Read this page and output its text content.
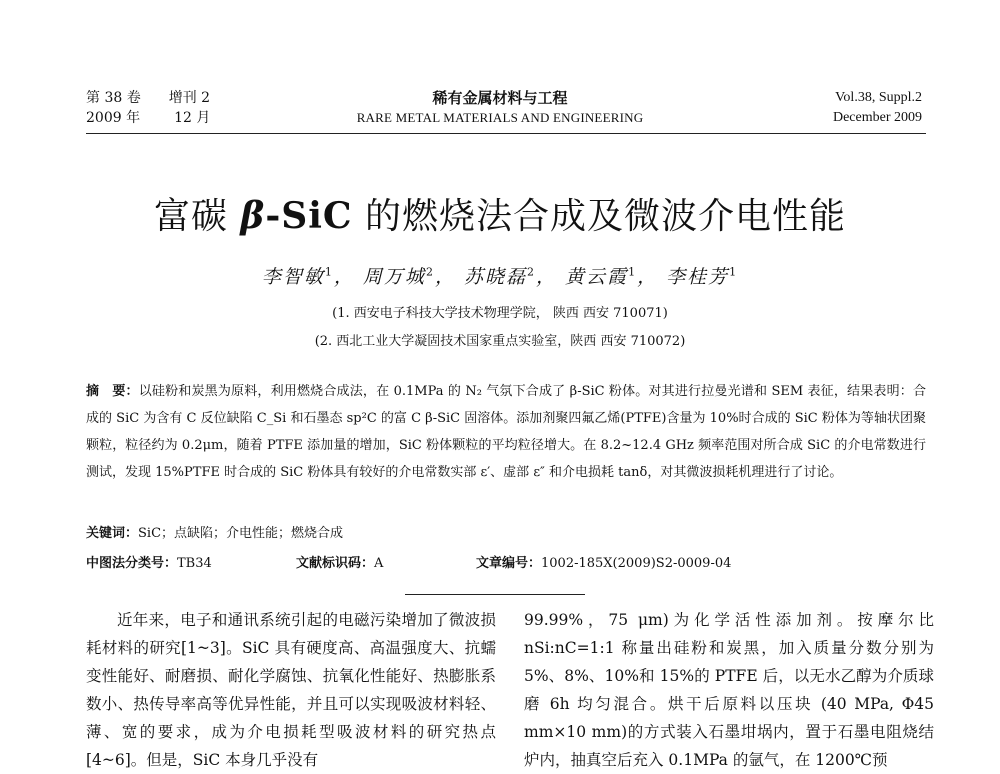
第 38 卷 增刊 2
2009 年 12 月
稀有金属材料与工程
RARE METAL MATERIALS AND ENGINEERING
Vol.38, Suppl.2
December 2009
富碳 β-SiC 的燃烧法合成及微波介电性能
李智敏$^1$， 周万城$^2$， 苏晓磊$^2$， 黄云霞$^1$， 李桂芳$^1$
(1. 西安电子科技大学技术物理学院， 陕西 西安 710071)
(2. 西北工业大学凝固技术国家重点实验室，陕西 西安 710072)
摘　要：以硅粉和炭黑为原料，利用燃烧合成法，在 0.1MPa 的 N₂ 气氛下合成了 β-SiC 粉体。对其进行拉曼光谱和 SEM 表征，结果表明：合成的 SiC 为含有 C 反位缺陷 C_Si 和石墨态 sp²C 的富 C β-SiC 固溶体。添加剂聚四氟乙烯(PTFE)含量为 10%时合成的 SiC 粉体为等轴状团聚颗粒，粒径约为 0.2μm，随着 PTFE 添加量的增加，SiC 粉体颗粒的平均粒径增大。在 8.2~12.4 GHz 频率范围对所合成 SiC 的介电常数进行测试，发现 15%PTFE 时合成的 SiC 粉体具有较好的介电常数实部 ε′、虚部 ε″ 和介电损耗 tanδ，对其微波损耗机理进行了讨论。
关键词：SiC；点缺陷；介电性能；燃烧合成
中图法分类号：TB34	文献标识码：A	文章编号：1002-185X(2009)S2-0009-04

近年来，电子和通讯系统引起的电磁污染增加了微波损耗材料的研究[1~3]。SiC 具有硬度高、高温强度大、抗蠕变性能好、耐磨损、耐化学腐蚀、抗氧化性能好、热膨胀系数小、热传导率高等优异性能，并且可以实现吸波材料轻、薄、宽的要求，成为介电损耗型吸波材料的研究热点[4~6]。但是，SiC 本身几乎没有

99.99%，75 μm)为化学活性添加剂。按摩尔比 nSi:nC=1:1 称量出硅粉和炭黑，加入质量分数分别为 5%、8%、10%和 15%的 PTFE 后，以无水乙醇为介质球磨 6h 均匀混合。烘干后原料以压块 (40 MPa, Φ45 mm×10 mm)的方式装入石墨坩埚内，置于石墨电阻烧结炉内，抽真空后充入 0.1MPa 的氩气，在 1200℃预
